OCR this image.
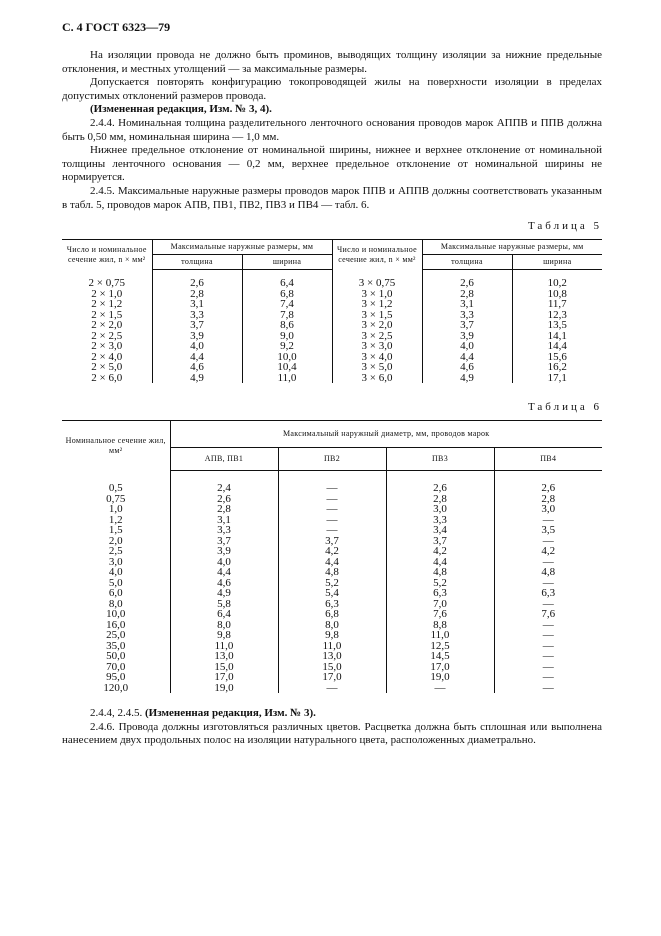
С. 4 ГОСТ 6323—79

На изоляции провода не должно быть проминов, выводящих толщину изоляции за нижние предельные отклонения, и местных утолщений — за максимальные размеры.

Допускается повторять конфигурацию токопроводящей жилы на поверхности изоляции в пределах допустимых отклонений размеров провода.

(Измененная редакция, Изм. № 3, 4).

2.4.4. Номинальная толщина разделительного ленточного основания проводов марок АППВ и ППВ должна быть 0,50 мм, номинальная ширина — 1,0 мм.

Нижнее предельное отклонение от номинальной ширины, нижнее и верхнее отклонение от номинальной толщины ленточного основания — 0,2 мм, верхнее предельное отклонение от номинальной ширины не нормируется.

2.4.5. Максимальные наружные размеры проводов марок ППВ и АППВ должны соответствовать указанным в табл. 5, проводов марок АПВ, ПВ1, ПВ2, ПВ3 и ПВ4 — табл. 6.

Таблица 5
Число и номинальное сечение жил, n × мм²	Максимальные наружные размеры, мм		Число и номинальное сечение жил, n × мм²	Максимальные наружные размеры, мм	
	толщина	ширина		толщина	ширина
2 × 0,75	2,6	6,4	3 × 0,75	2,6	10,2
2 × 1,0	2,8	6,8	3 × 1,0	2,8	10,8
2 × 1,2	3,1	7,4	3 × 1,2	3,1	11,7
2 × 1,5	3,3	7,8	3 × 1,5	3,3	12,3
2 × 2,0	3,7	8,6	3 × 2,0	3,7	13,5
2 × 2,5	3,9	9,0	3 × 2,5	3,9	14,1
2 × 3,0	4,0	9,2	3 × 3,0	4,0	14,4
2 × 4,0	4,4	10,0	3 × 4,0	4,4	15,6
2 × 5,0	4,6	10,4	3 × 5,0	4,6	16,2
2 × 6,0	4,9	11,0	3 × 6,0	4,9	17,1
Таблица 6
Номинальное сечение жил, мм²	Максимальный наружный диаметр, мм, проводов марок			
	АПВ, ПВ1	ПВ2	ПВ3	ПВ4
0,5	2,4	—	2,6	2,6
0,75	2,6	—	2,8	2,8
1,0	2,8	—	3,0	3,0
1,2	3,1	—	3,3	—
1,5	3,3	—	3,4	3,5
2,0	3,7	3,7	3,7	—
2,5	3,9	4,2	4,2	4,2
3,0	4,0	4,4	4,4	—
4,0	4,4	4,8	4,8	4,8
5,0	4,6	5,2	5,2	—
6,0	4,9	5,4	6,3	6,3
8,0	5,8	6,3	7,0	—
10,0	6,4	6,8	7,6	7,6
16,0	8,0	8,0	8,8	—
25,0	9,8	9,8	11,0	—
35,0	11,0	11,0	12,5	—
50,0	13,0	13,0	14,5	—
70,0	15,0	15,0	17,0	—
95,0	17,0	17,0	19,0	—
120,0	19,0	—	—	—

2.4.4, 2.4.5. (Измененная редакция, Изм. № 3).

2.4.6. Провода должны изготовляться различных цветов. Расцветка должна быть сплошная или выполнена нанесением двух продольных полос на изоляции натурального цвета, расположенных диаметрально.
